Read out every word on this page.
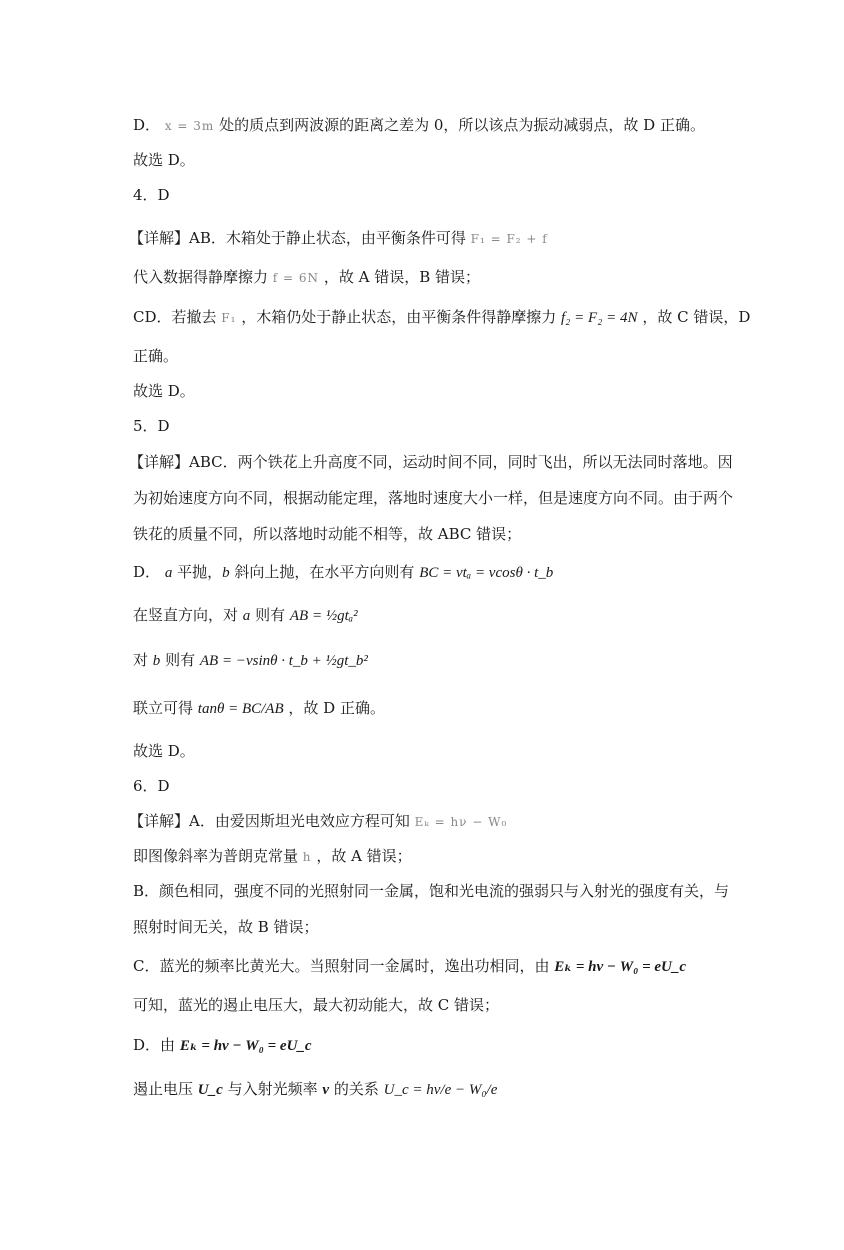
D． x = 3m 处的质点到两波源的距离之差为 0，所以该点为振动减弱点，故 D 正确。
故选 D。
4．D
【详解】AB．木箱处于静止状态，由平衡条件可得 F₁ = F₂ + f
代入数据得静摩擦力 f = 6N ，故 A 错误，B 错误；
CD．若撤去 F₁ ，木箱仍处于静止状态，由平衡条件得静摩擦力 f₂ = F₂ = 4N ，故 C 错误，D
正确。
故选 D。
5．D
【详解】ABC．两个铁花上升高度不同，运动时间不同，同时飞出，所以无法同时落地。因
为初始速度方向不同，根据动能定理，落地时速度大小一样，但是速度方向不同。由于两个
铁花的质量不同，所以落地时动能不相等，故 ABC 错误；
D． a 平抛，b 斜向上抛，在水平方向则有 BC = vtₐ = vcosθ · t_b
在竖直方向，对 a 则有 AB = ½gtₐ²
对 b 则有 AB = −vsinθ · t_b + ½gt_b²
联立可得 tanθ = BC/AB ，故 D 正确。
故选 D。
6．D
【详解】A．由爱因斯坦光电效应方程可知 Eₖ = hν − W₀
即图像斜率为普朗克常量 h ，故 A 错误；
B．颜色相同，强度不同的光照射同一金属，饱和光电流的强弱只与入射光的强度有关，与
照射时间无关，故 B 错误；
C．蓝光的频率比黄光大。当照射同一金属时，逸出功相同，由 Eₖ = hν − W₀ = eU_c
可知，蓝光的遏止电压大，最大初动能大，故 C 错误；
D．由 Eₖ = hν − W₀ = eU_c
遏止电压 U_c 与入射光频率 ν 的关系 U_c = hν/e − W₀/e
